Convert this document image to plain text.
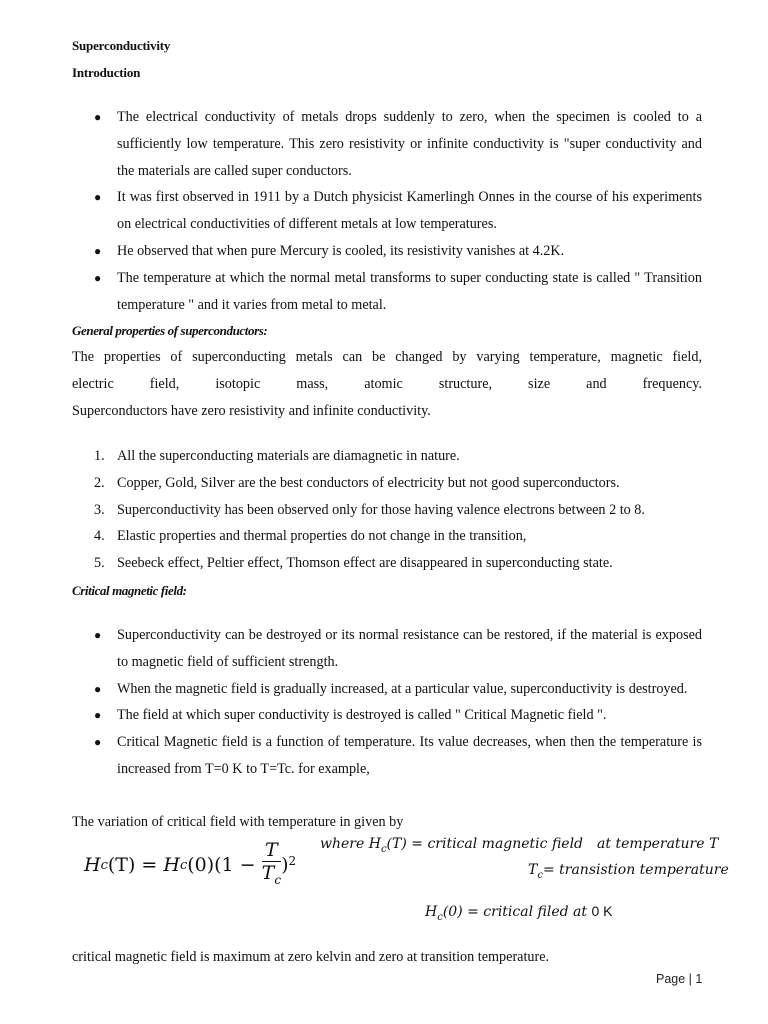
Superconductivity
Introduction
● The electrical conductivity of metals drops suddenly to zero, when the specimen is cooled to a sufficiently low temperature. This zero resistivity or infinite conductivity is "super conductivity and the materials are called super conductors.
● It was first observed in 1911 by a Dutch physicist Kamerlingh Onnes in the course of his experiments on electrical conductivities of different metals at low temperatures.
● He observed that when pure Mercury is cooled, its resistivity vanishes at 4.2K.
● The temperature at which the normal metal transforms to super conducting state is called " Transition temperature " and it varies from metal to metal.
General properties of superconductors:
The properties of superconducting metals can be changed by varying temperature, magnetic field,
electric field, isotopic mass, atomic structure, size and frequency.
Superconductors have zero resistivity and infinite conductivity.
1. All the superconducting materials are diamagnetic in nature.
2. Copper, Gold, Silver are the best conductors of electricity but not good superconductors.
3. Superconductivity has been observed only for those having valence electrons between 2 to 8.
4. Elastic properties and thermal properties do not change in the transition,
5. Seebeck effect, Peltier effect, Thomson effect are disappeared in superconducting state.
Critical magnetic field:
● Superconductivity can be destroyed or its normal resistance can be restored, if the material is exposed to magnetic field of sufficient strength.
● When the magnetic field is gradually increased, at a particular value, superconductivity is destroyed.
● The field at which super conductivity is destroyed is called " Critical Magnetic field ".
● Critical Magnetic field is a function of temperature. Its value decreases, when then the temperature is increased from T=0 K to T=Tc. for example,
The variation of critical field with temperature in given by
H c (T) = H c $(0)(1 - \frac{T}{T_c} )^2$
where $H_c(T)$ = critical magnetic field at temperature T
$T_c=$ transistion temperature
$H_c(0)$ = critical filed at 0 K
critical magnetic field is maximum at zero kelvin and zero at transition temperature.
Page | 1
